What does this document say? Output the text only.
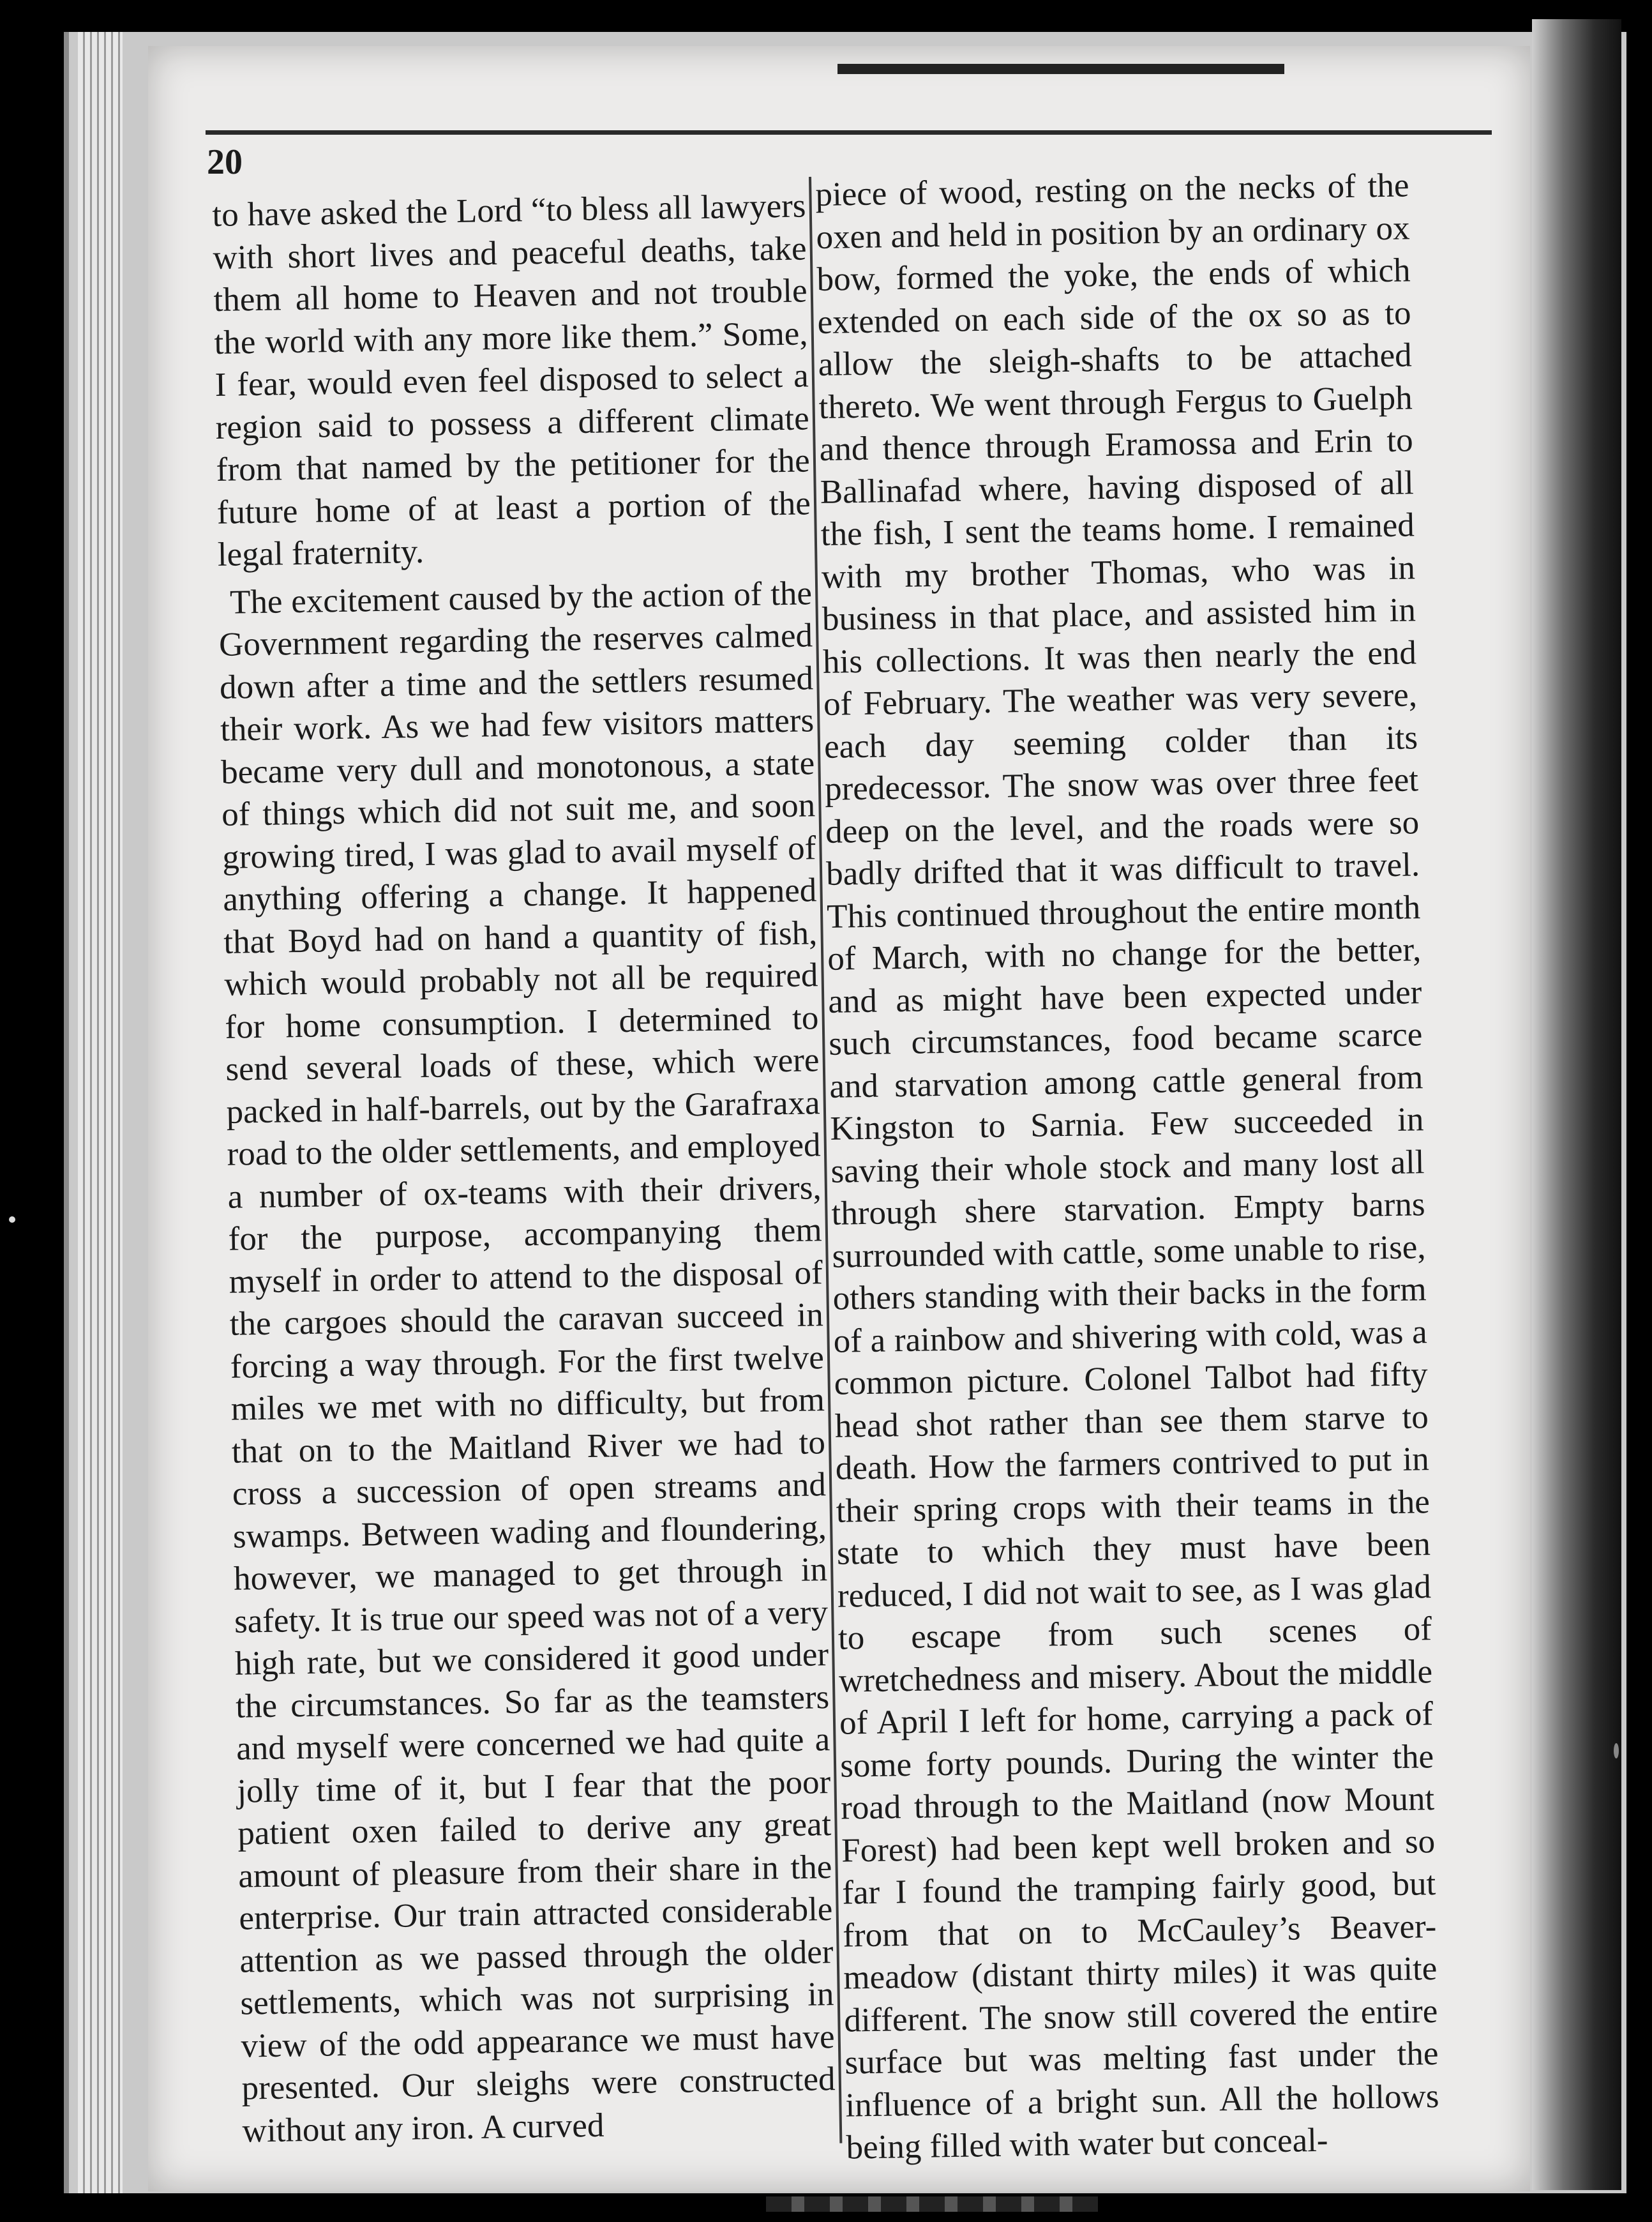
20

to have asked the Lord “to bless all lawyers with short lives and peaceful deaths, take them all home to Heaven and not trouble the world with any more like them.” Some, I fear, would even feel disposed to select a region said to possess a different climate from that named by the petitioner for the future home of at least a portion of the legal fraternity.

The excitement caused by the action of the Government regarding the reserves calmed down after a time and the settlers resumed their work. As we had few visitors matters became very dull and monotonous, a state of things which did not suit me, and soon growing tired, I was glad to avail myself of anything offering a change. It happened that Boyd had on hand a quantity of fish, which would probably not all be required for home consumption. I determined to send several loads of these, which were packed in half-barrels, out by the Garafraxa road to the older settlements, and employed a number of ox-teams with their drivers, for the purpose, accompanying them myself in order to attend to the disposal of the cargoes should the caravan succeed in forcing a way through. For the first twelve miles we met with no difficulty, but from that on to the Maitland River we had to cross a succession of open streams and swamps. Between wading and floundering, however, we managed to get through in safety. It is true our speed was not of a very high rate, but we considered it good under the circumstances. So far as the teamsters and myself were concerned we had quite a jolly time of it, but I fear that the poor patient oxen failed to derive any great amount of pleasure from their share in the enterprise. Our train attracted considerable attention as we passed through the older settlements, which was not surprising in view of the odd appearance we must have presented. Our sleighs were constructed without any iron. A curved

piece of wood, resting on the necks of the oxen and held in position by an ordinary ox bow, formed the yoke, the ends of which extended on each side of the ox so as to allow the sleigh-shafts to be attached thereto. We went through Fergus to Guelph and thence through Eramossa and Erin to Ballinafad where, having disposed of all the fish, I sent the teams home. I remained with my brother Thomas, who was in business in that place, and assisted him in his collections. It was then nearly the end of February. The weather was very severe, each day seeming colder than its predecessor. The snow was over three feet deep on the level, and the roads were so badly drifted that it was difficult to travel. This continued throughout the entire month of March, with no change for the better, and as might have been expected under such circumstances, food became scarce and starvation among cattle general from Kingston to Sarnia. Few succeeded in saving their whole stock and many lost all through shere starvation. Empty barns surrounded with cattle, some unable to rise, others standing with their backs in the form of a rainbow and shivering with cold, was a common picture. Colonel Talbot had fifty head shot rather than see them starve to death. How the farmers contrived to put in their spring crops with their teams in the state to which they must have been reduced, I did not wait to see, as I was glad to escape from such scenes of wretchedness and misery. About the middle of April I left for home, carrying a pack of some forty pounds. During the winter the road through to the Maitland (now Mount Forest) had been kept well broken and so far I found the tramping fairly good, but from that on to McCauley’s Beaver-meadow (distant thirty miles) it was quite different. The snow still covered the entire surface but was melting fast under the influence of a bright sun. All the hollows being filled with water but conceal-
